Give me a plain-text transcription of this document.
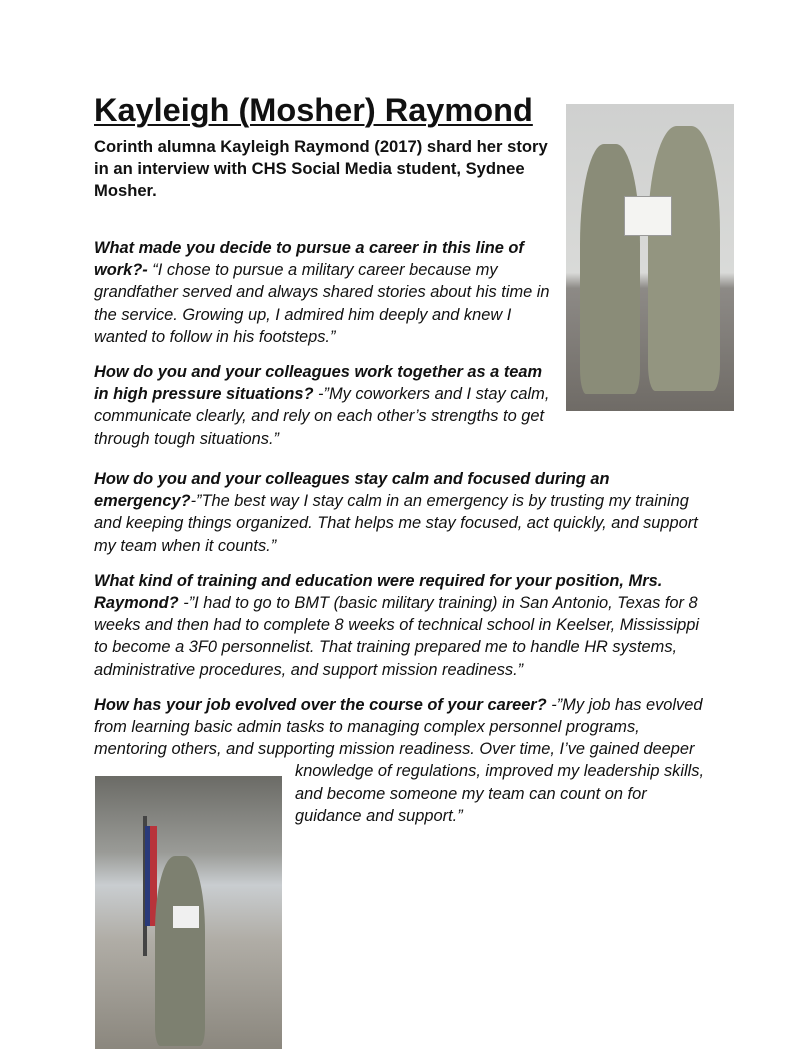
Kayleigh (Mosher) Raymond
Corinth alumna Kayleigh Raymond (2017) shard her story in an interview with CHS Social Media student, Sydnee Mosher.

What made you decide to pursue a career in this line of work?- “I chose to pursue a military career because my grandfather served and always shared stories about his time in the service. Growing up, I admired him deeply and knew I wanted to follow in his footsteps.”

How do you and your colleagues work together as a team in high pressure situations? -”My coworkers and I stay calm, communicate clearly, and rely on each other’s strengths to get through tough situations.”

How do you and your colleagues stay calm and focused during an emergency?-”The best way I stay calm in an emergency is by trusting my training and keeping things organized. That helps me stay focused, act quickly, and support my team when it counts.”

What kind of training and education were required for your position, Mrs. Raymond? -”I had to go to BMT (basic military training) in San Antonio, Texas for 8 weeks and then had to complete 8 weeks of technical school in Keelser, Mississippi to become a 3F0 personnelist. That training prepared me to handle HR systems, administrative procedures, and support mission readiness.”

How has your job evolved over the course of your career? -”My job has evolved from learning basic admin tasks to managing complex personnel programs, mentoring others, and supporting mission readiness. Over time, I’ve gained deeper knowledge of regulations, improved my leadership skills, and become someone my team can count on for guidance and support.”
